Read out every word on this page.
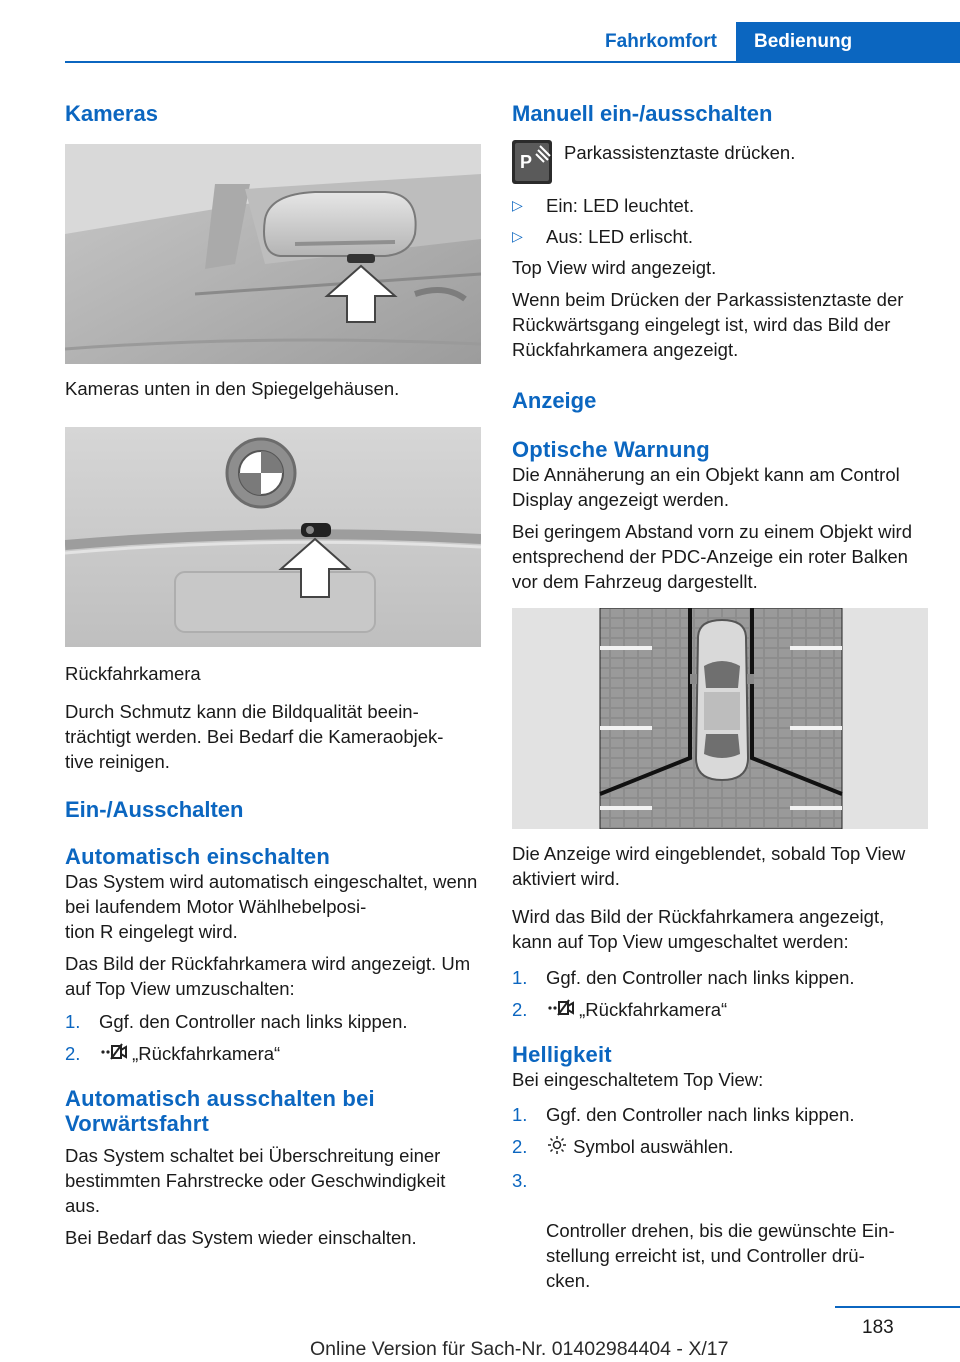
Fahrkomfort	Bedienung
Kameras

Kameras unten in den Spiegelgehäusen.

Rückfahrkamera

Durch Schmutz kann die Bildqualität beein-
trächtigt werden. Bei Bedarf die Kameraobjek-
tive reinigen.

Ein-/Ausschalten
Automatisch einschalten

Das System wird automatisch eingeschaltet, wenn bei laufendem Motor Wählhebelposi-
tion R eingelegt wird.

Das Bild der Rückfahrkamera wird angezeigt. Um auf Top View umzuschalten:

1. Ggf. den Controller nach links kippen.
2.	„Rückfahrkamera“
Automatisch ausschalten bei Vorwärtsfahrt

Das System schaltet bei Überschreitung einer bestimmten Fahrstrecke oder Geschwindigkeit aus.

Bei Bedarf das System wieder einschalten.

Manuell ein-/ausschalten
P Parkassistenztaste drücken.
▷ Ein: LED leuchtet.
▷ Aus: LED erlischt.

Top View wird angezeigt.

Wenn beim Drücken der Parkassistenztaste der Rückwärtsgang eingelegt ist, wird das Bild der Rückfahrkamera angezeigt.

Anzeige
Optische Warnung

Die Annäherung an ein Objekt kann am Control Display angezeigt werden.

Bei geringem Abstand vorn zu einem Objekt wird entsprechend der PDC-Anzeige ein roter Balken vor dem Fahrzeug dargestellt.

Die Anzeige wird eingeblendet, sobald Top View aktiviert wird.

Wird das Bild der Rückfahrkamera angezeigt, kann auf Top View umgeschaltet werden:

1. Ggf. den Controller nach links kippen.
2.	„Rückfahrkamera“
Helligkeit

Bei eingeschaltetem Top View:

1. Ggf. den Controller nach links kippen.
2. Symbol auswählen.

3.

Controller drehen, bis die gewünschte Ein-
stellung erreicht ist, und Controller drü-
cken.

183
Online Version für Sach-Nr. 01402984404 - X/17
